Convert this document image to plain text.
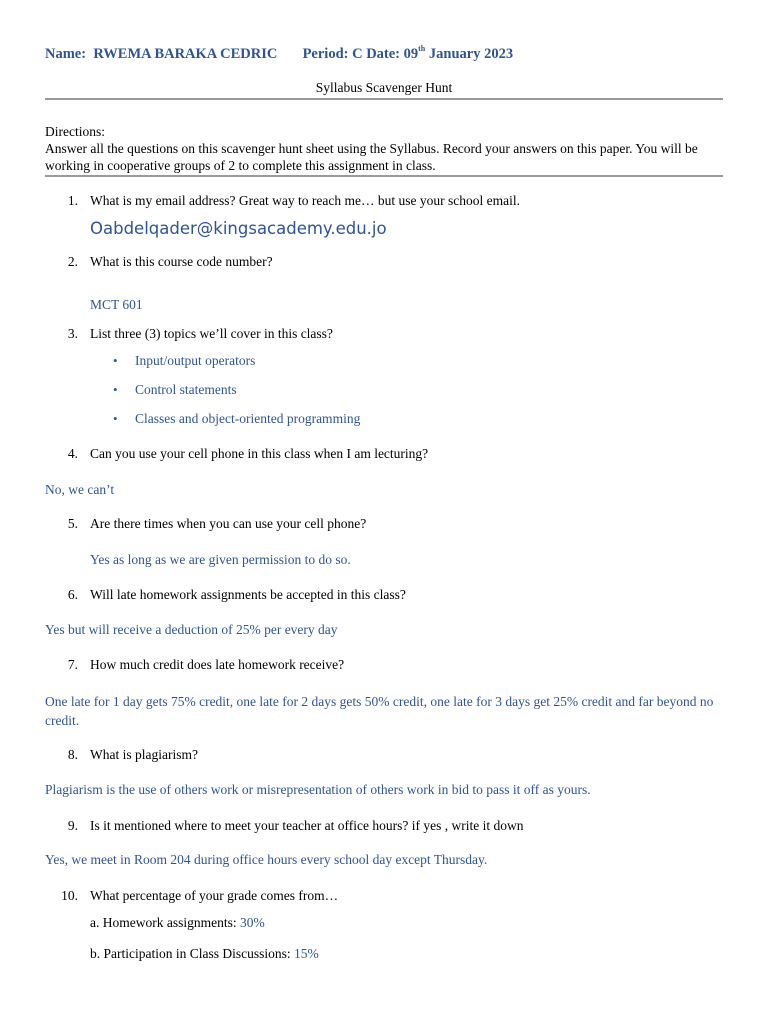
Name: RWEMA BARAKA CEDRIC Period: C Date: 09th January 2023
Syllabus Scavenger Hunt
Directions:
Answer all the questions on this scavenger hunt sheet using the Syllabus. Record your answers on this paper. You will be working in cooperative groups of 2 to complete this assignment in class.
1. What is my email address? Great way to reach me… but use your school email.
Oabdelqader@kingsacademy.edu.jo
2. What is this course code number?
MCT 601
3. List three (3) topics we’ll cover in this class?
• Input/output operators
• Control statements
• Classes and object-oriented programming
4. Can you use your cell phone in this class when I am lecturing?
No, we can’t
5. Are there times when you can use your cell phone?
Yes as long as we are given permission to do so.
6. Will late homework assignments be accepted in this class?
Yes but will receive a deduction of 25% per every day
7. How much credit does late homework receive?
One late for 1 day gets 75% credit, one late for 2 days gets 50% credit, one late for 3 days get 25% credit and far beyond no credit.
8. What is plagiarism?
Plagiarism is the use of others work or misrepresentation of others work in bid to pass it off as yours.
9. Is it mentioned where to meet your teacher at office hours? if yes , write it down
Yes, we meet in Room 204 during office hours every school day except Thursday.
10. What percentage of your grade comes from…
a. Homework assignments: 30%
b. Participation in Class Discussions: 15%
